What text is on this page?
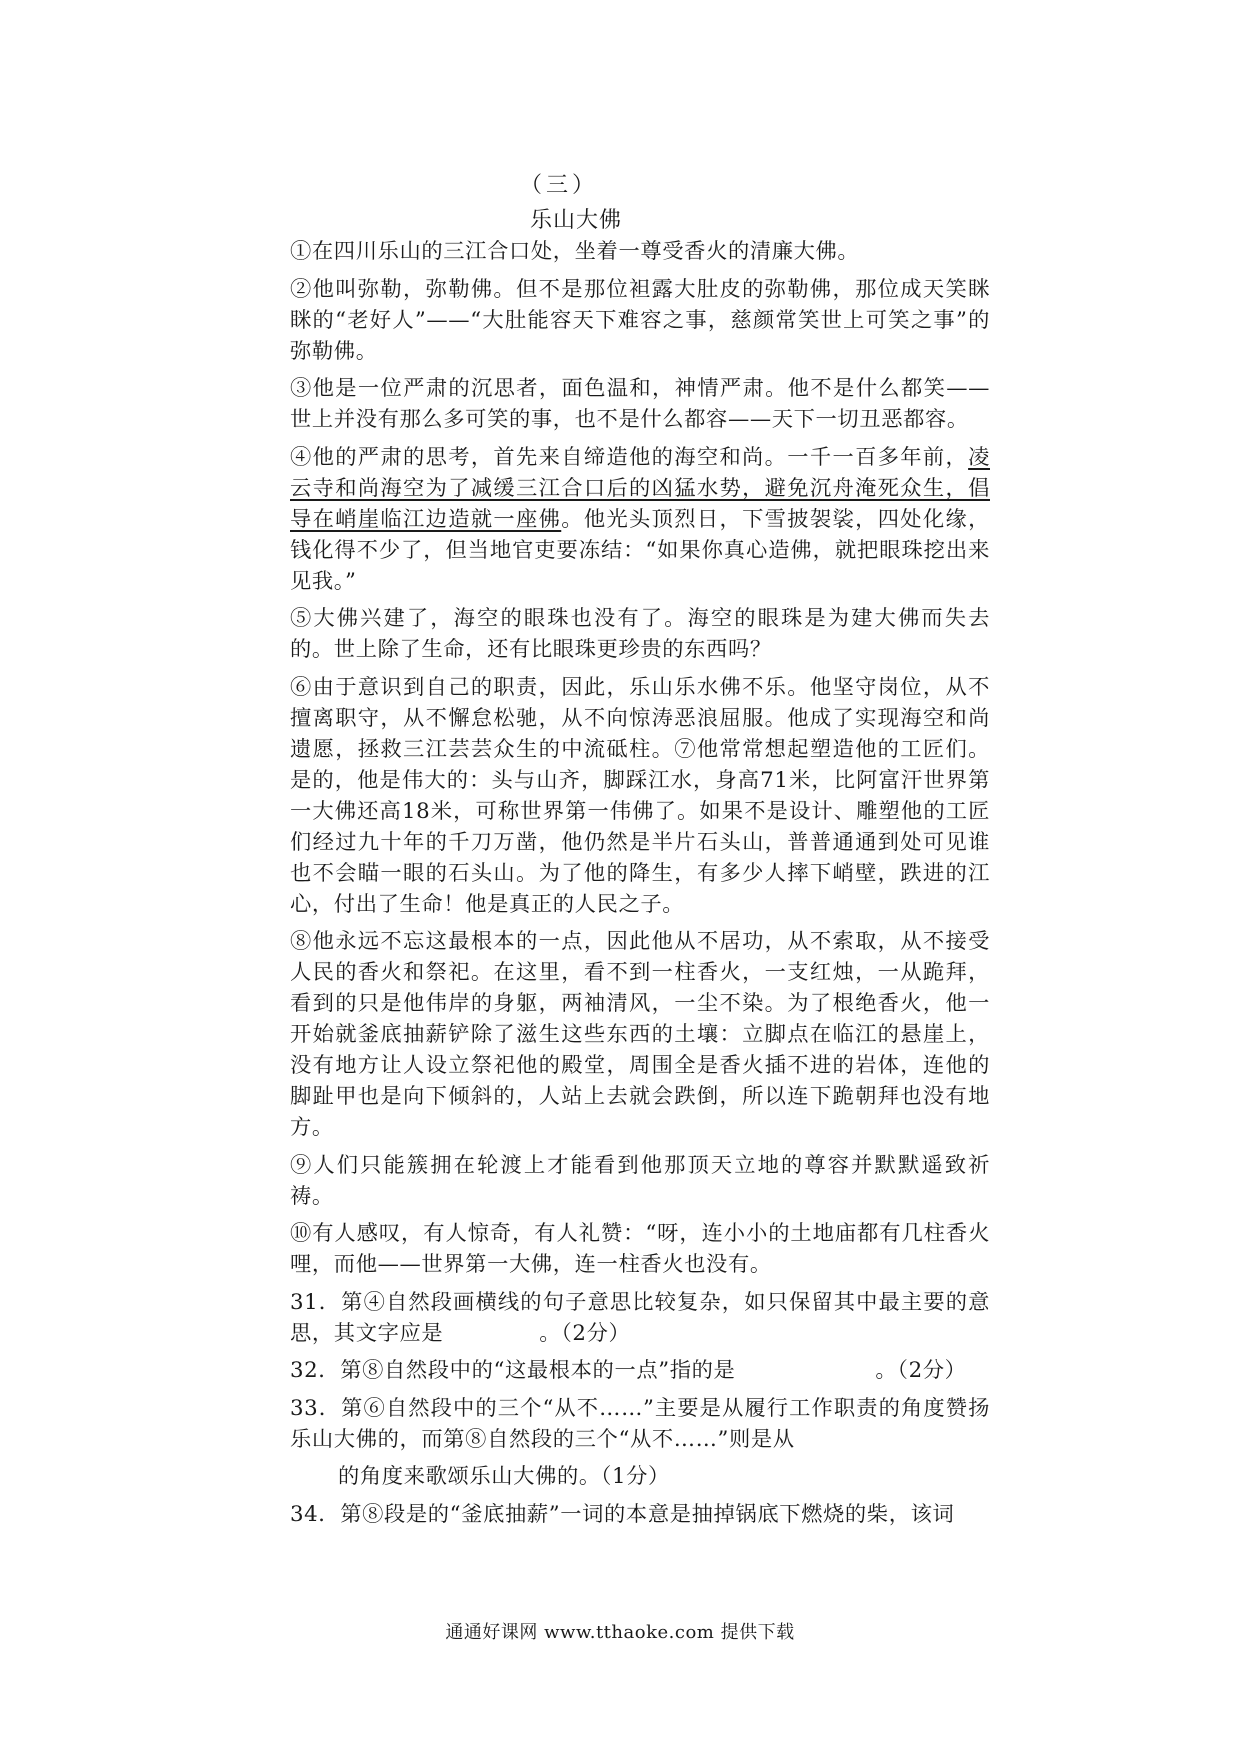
（三）
乐山大佛

①在四川乐山的三江合口处，坐着一尊受香火的清廉大佛。

②他叫弥勒，弥勒佛。但不是那位袒露大肚皮的弥勒佛，那位成天笑眯眯的“老好人”——“大肚能容天下难容之事，慈颜常笑世上可笑之事”的弥勒佛。

③他是一位严肃的沉思者，面色温和，神情严肃。他不是什么都笑——世上并没有那么多可笑的事，也不是什么都容——天下一切丑恶都容。

④他的严肃的思考，首先来自缔造他的海空和尚。一千一百多年前，凌云寺和尚海空为了减缓三江合口后的凶猛水势，避免沉舟淹死众生，倡导在峭崖临江边造就一座佛。他光头顶烈日，下雪披袈裟，四处化缘，钱化得不少了，但当地官吏要冻结：“如果你真心造佛，就把眼珠挖出来见我。”

⑤大佛兴建了，海空的眼珠也没有了。海空的眼珠是为建大佛而失去的。世上除了生命，还有比眼珠更珍贵的东西吗？

⑥由于意识到自己的职责，因此，乐山乐水佛不乐。他坚守岗位，从不擅离职守，从不懈怠松驰，从不向惊涛恶浪屈服。他成了实现海空和尚遗愿，拯救三江芸芸众生的中流砥柱。⑦他常常想起塑造他的工匠们。是的，他是伟大的：头与山齐，脚踩江水，身高71米，比阿富汗世界第一大佛还高18米，可称世界第一伟佛了。如果不是设计、雕塑他的工匠们经过九十年的千刀万凿，他仍然是半片石头山，普普通通到处可见谁也不会瞄一眼的石头山。为了他的降生，有多少人摔下峭壁，跌进的江心，付出了生命！他是真正的人民之子。

⑧他永远不忘这最根本的一点，因此他从不居功，从不索取，从不接受人民的香火和祭祀。在这里，看不到一柱香火，一支红烛，一从跪拜，看到的只是他伟岸的身躯，两袖清风，一尘不染。为了根绝香火，他一开始就釜底抽薪铲除了滋生这些东西的土壤：立脚点在临江的悬崖上，没有地方让人设立祭祀他的殿堂，周围全是香火插不进的岩体，连他的脚趾甲也是向下倾斜的，人站上去就会跌倒，所以连下跪朝拜也没有地方。

⑨人们只能簇拥在轮渡上才能看到他那顶天立地的尊容并默默遥致祈祷。

⑩有人感叹，有人惊奇，有人礼赞：“呀，连小小的土地庙都有几柱香火哩，而他——世界第一大佛，连一柱香火也没有。

31．第④自然段画横线的句子意思比较复杂，如只保留其中最主要的意思，其文字应是	。（2分）

32．第⑧自然段中的“这最根本的一点”指的是	。（2分）

33．第⑥自然段中的三个“从不……”主要是从履行工作职责的角度赞扬乐山大佛的，而第⑧自然段的三个“从不……”则是从

的角度来歌颂乐山大佛的。（1分）

34．第⑧段是的“釜底抽薪”一词的本意是抽掉锅底下燃烧的柴，该词

通通好课网 www.tthaoke.com 提供下载
